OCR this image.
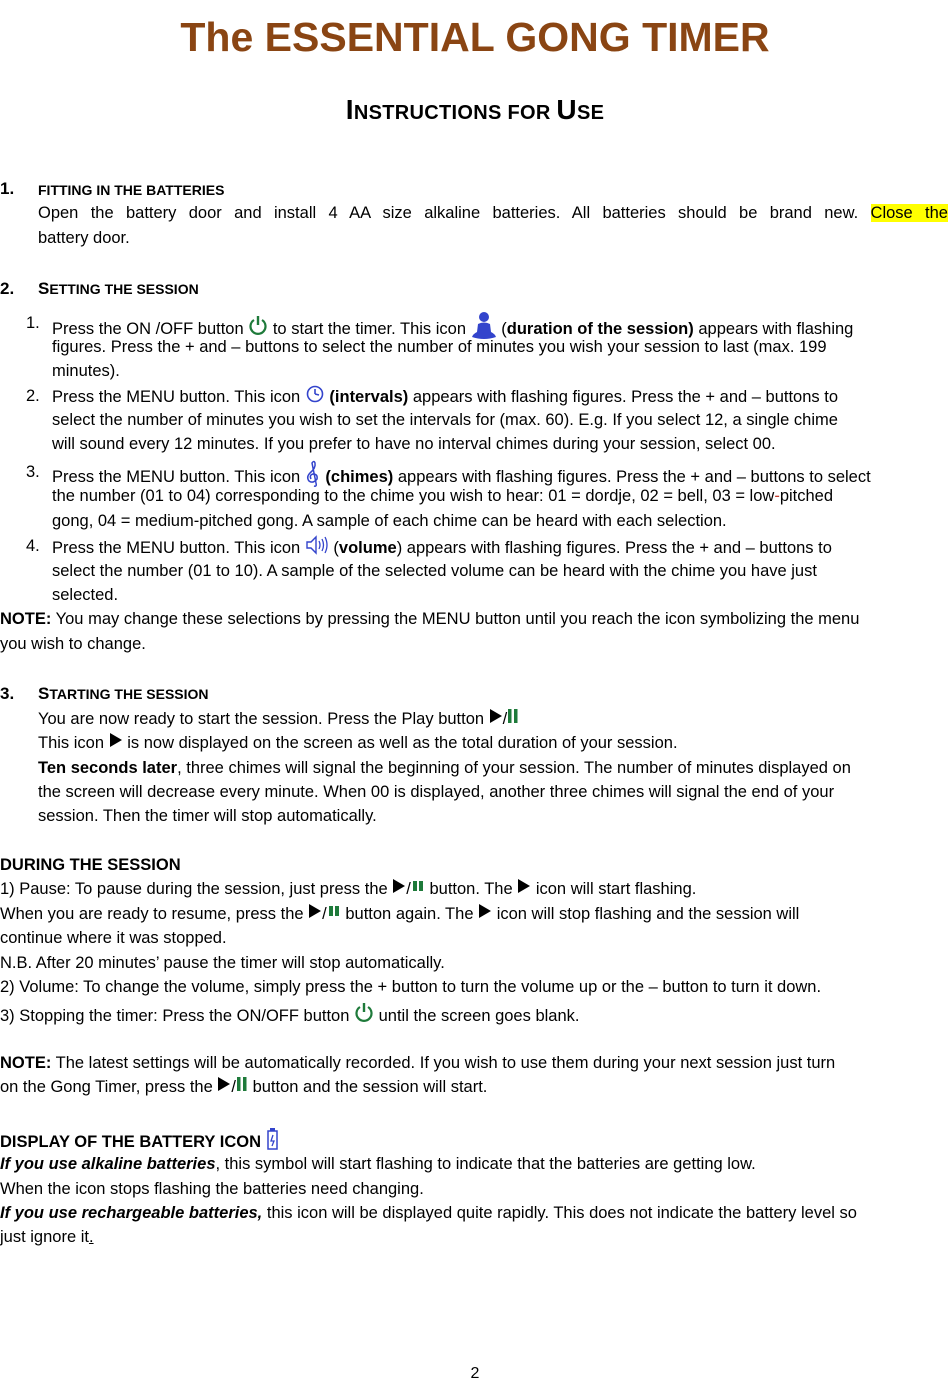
The ESSENTIAL GONG TIMER
INSTRUCTIONS FOR USE
1. FITTING IN THE BATTERIES
Open the battery door and install 4 AA size alkaline batteries. All batteries should be brand new. Close the
battery door.
2. SETTING THE SESSION
1. Press the ON /OFF button to start the timer. This icon (duration of the session) appears with flashing
figures. Press the + and – buttons to select the number of minutes you wish your session to last (max. 199
minutes).
2. Press the MENU button. This icon (intervals) appears with flashing figures. Press the + and – buttons to
select the number of minutes you wish to set the intervals for (max. 60). E.g. If you select 12, a single chime
will sound every 12 minutes. If you prefer to have no interval chimes during your session, select 00.
3. Press the MENU button. This icon (chimes) appears with flashing figures. Press the + and – buttons to select
the number (01 to 04) corresponding to the chime you wish to hear: 01 = dordje, 02 = bell, 03 = low-pitched
gong, 04 = medium-pitched gong. A sample of each chime can be heard with each selection.
4. Press the MENU button. This icon (volume) appears with flashing figures. Press the + and – buttons to
select the number (01 to 10). A sample of the selected volume can be heard with the chime you have just
selected.
NOTE: You may change these selections by pressing the MENU button until you reach the icon symbolizing the menu
you wish to change.
3. STARTING THE SESSION
You are now ready to start the session. Press the Play button /
This icon is now displayed on the screen as well as the total duration of your session.
Ten seconds later, three chimes will signal the beginning of your session. The number of minutes displayed on
the screen will decrease every minute. When 00 is displayed, another three chimes will signal the end of your
session. Then the timer will stop automatically.
DURING THE SESSION
1) Pause: To pause during the session, just press the / button. The icon will start flashing.
When you are ready to resume, press the / button again. The icon will stop flashing and the session will
continue where it was stopped.
N.B. After 20 minutes’ pause the timer will stop automatically.
2) Volume: To change the volume, simply press the + button to turn the volume up or the – button to turn it down.
3) Stopping the timer: Press the ON/OFF button until the screen goes blank.
NOTE: The latest settings will be automatically recorded. If you wish to use them during your next session just turn
on the Gong Timer, press the / button and the session will start.
DISPLAY OF THE BATTERY ICON
If you use alkaline batteries, this symbol will start flashing to indicate that the batteries are getting low.
When the icon stops flashing the batteries need changing.
If you use rechargeable batteries, this icon will be displayed quite rapidly. This does not indicate the battery level so
just ignore it.
2
